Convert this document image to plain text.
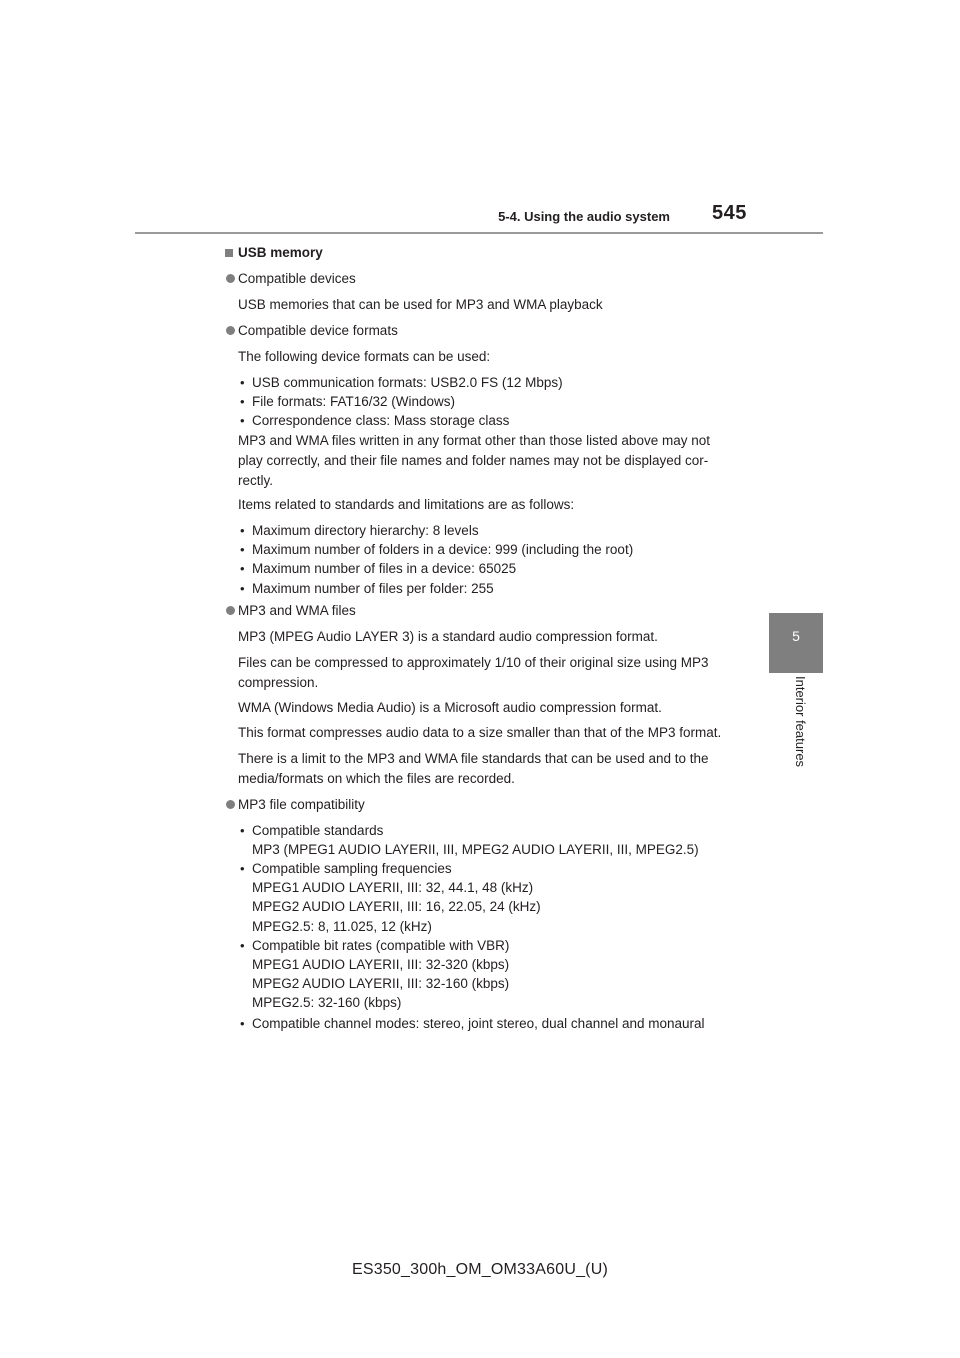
5-4. Using the audio system 545
5
Interior features
USB memory
Compatible devices
USB memories that can be used for MP3 and WMA playback
Compatible device formats
The following device formats can be used:
• USB communication formats: USB2.0 FS (12 Mbps)
• File formats: FAT16/32 (Windows)
• Correspondence class: Mass storage class
MP3 and WMA files written in any format other than those listed above may not
play correctly, and their file names and folder names may not be displayed cor-
rectly.
Items related to standards and limitations are as follows:
• Maximum directory hierarchy: 8 levels
• Maximum number of folders in a device: 999 (including the root)
• Maximum number of files in a device: 65025
• Maximum number of files per folder: 255
MP3 and WMA files
MP3 (MPEG Audio LAYER 3) is a standard audio compression format.
Files can be compressed to approximately 1/10 of their original size using MP3
compression.
WMA (Windows Media Audio) is a Microsoft audio compression format.
This format compresses audio data to a size smaller than that of the MP3 format.
There is a limit to the MP3 and WMA file standards that can be used and to the
media/formats on which the files are recorded.
MP3 file compatibility
• Compatible standards
MP3 (MPEG1 AUDIO LAYERII, III, MPEG2 AUDIO LAYERII, III, MPEG2.5)
• Compatible sampling frequencies
MPEG1 AUDIO LAYERII, III: 32, 44.1, 48 (kHz)
MPEG2 AUDIO LAYERII, III: 16, 22.05, 24 (kHz)
MPEG2.5: 8, 11.025, 12 (kHz)
• Compatible bit rates (compatible with VBR)
MPEG1 AUDIO LAYERII, III: 32-320 (kbps)
MPEG2 AUDIO LAYERII, III: 32-160 (kbps)
MPEG2.5: 32-160 (kbps)
• Compatible channel modes: stereo, joint stereo, dual channel and monaural
ES350_300h_OM_OM33A60U_(U)
